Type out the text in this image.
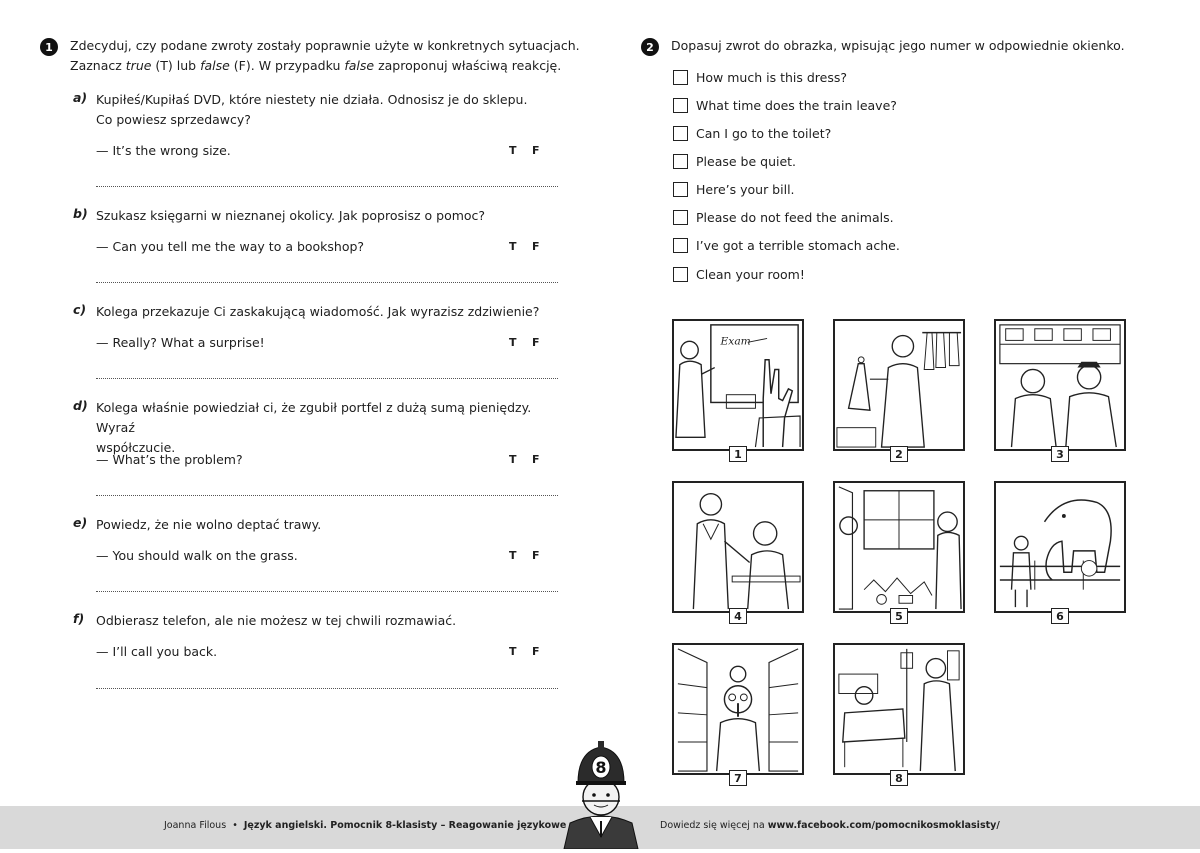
1	Zdecyduj, czy podane zwroty zostały poprawnie użyte w konkretnych sytuacjach.
Zaznacz true (T) lub false (F). W przypadku false zaproponuj właściwą reakcję.
a) Kupiłeś/Kupiłaś DVD, które niestety nie działa. Odnosisz je do sklepu.
Co powiesz sprzedawcy?
— It’s the wrong size.	T F
b) Szukasz księgarni w nieznanej okolicy. Jak poprosisz o pomoc?
— Can you tell me the way to a bookshop?	T F
c) Kolega przekazuje Ci zaskakującą wiadomość. Jak wyrazisz zdziwienie?
— Really? What a surprise!	T F
d) Kolega właśnie powiedział ci, że zgubił portfel z dużą sumą pieniędzy. Wyraź
współczucie.
— What’s the problem?	T F
e) Powiedz, że nie wolno deptać trawy.
— You should walk on the grass.	T F
f) Odbierasz telefon, ale nie możesz w tej chwili rozmawiać.
— I’ll call you back.	T F
2	Dopasuj zwrot do obrazka, wpisując jego numer w odpowiednie okienko.
How much is this dress?
What time does the train leave?
Can I go to the toilet?
Please be quiet.
Here’s your bill.
Please do not feed the animals.
I’ve got a terrible stomach ache.
Clean your room!
Exam
1	2	3
4	5	6
7	8
Joanna Filous • Język angielski. Pomocnik 8-klasisty – Reagowanie językowe	Dowiedz się więcej na www.facebook.com/pomocnikosmoklasisty/
8
